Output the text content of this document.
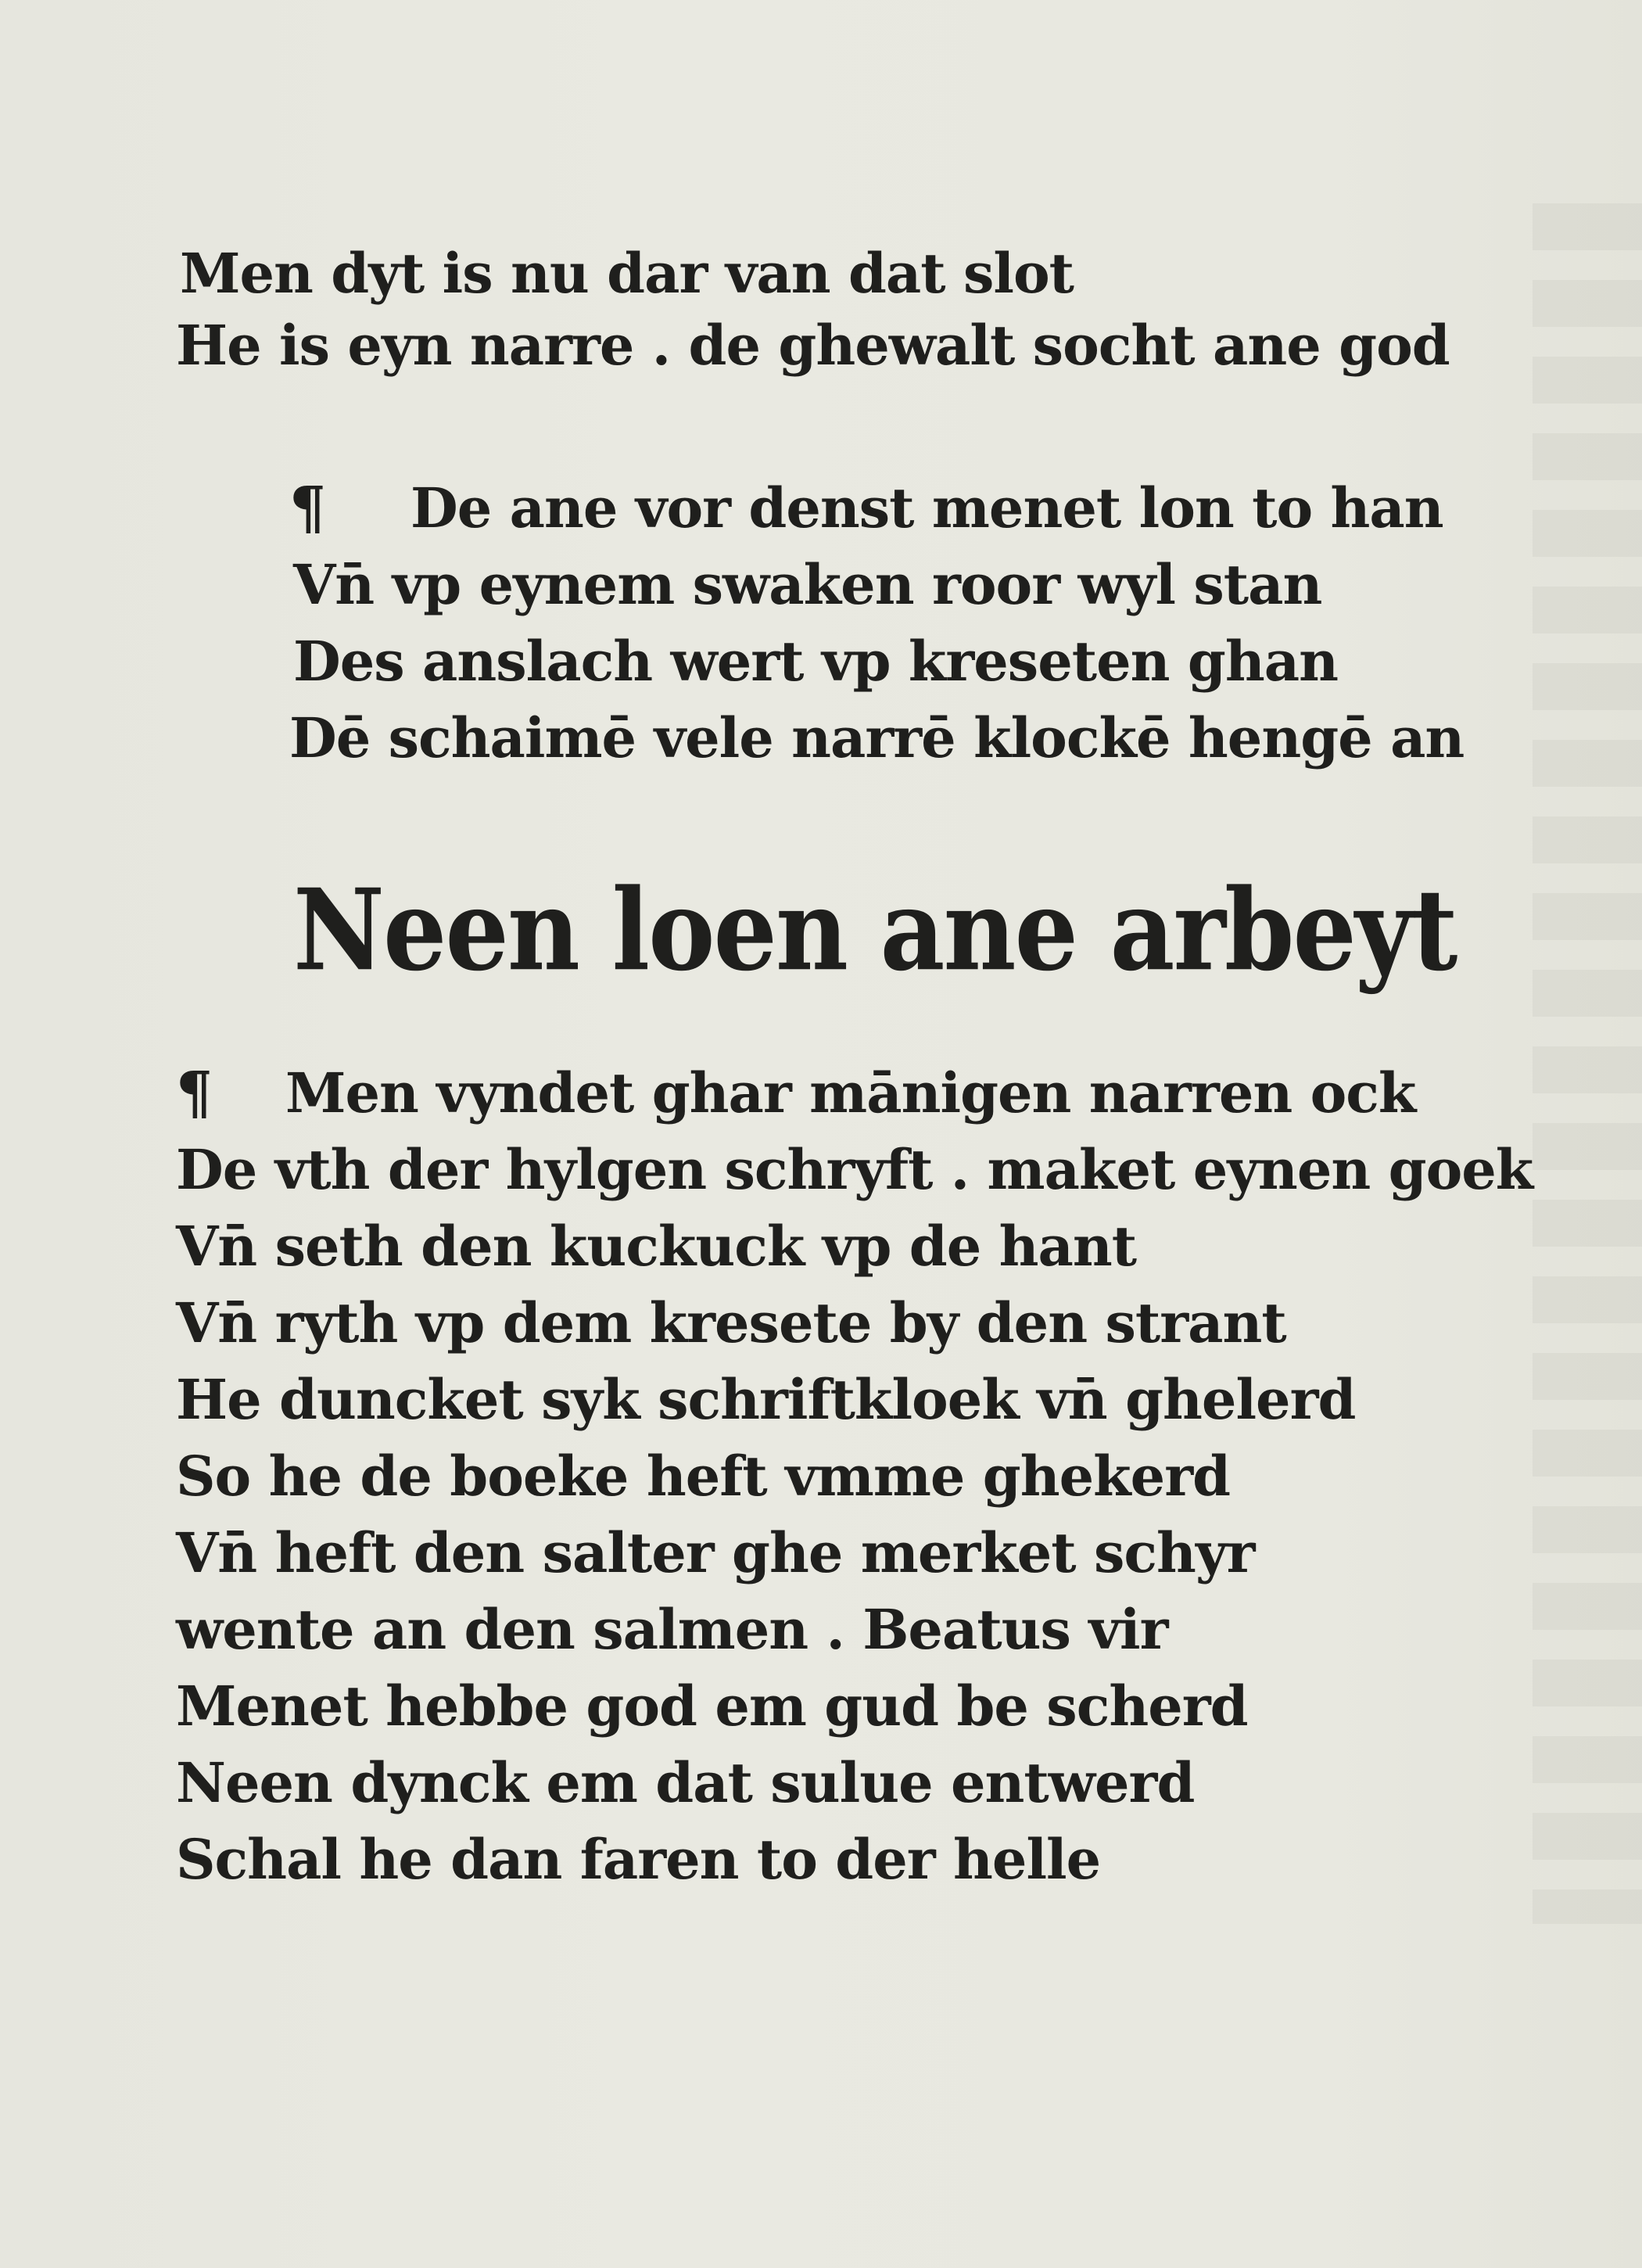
Men dyt is nu dar van dat slot
He is eyn narre . de ghewalt socht ane god
¶ De ane vor denst menet lon to han
Vn̄ vp eynem swaken roor wyl stan
Des anslach wert vp kreseten ghan
Dē schaimē vele narrē klockē hengē an
Neen loen ane arbeyt
¶ Men vyndet ghar mānigen narren ock
De vth der hylgen schryft . maket eynen goek
Vn̄ seth den kuckuck vp de hant
Vn̄ ryth vp dem kresete by den strant
He duncket syk schriftkloek vn̄ ghelerd
So he de boeke heft vmme ghekerd
Vn̄ heft den salter ghe merket schyr
wente an den salmen . Beatus vir
Menet hebbe god em gud be scherd
Neen dynck em dat sulue entwerd
Schal he dan faren to der helle
